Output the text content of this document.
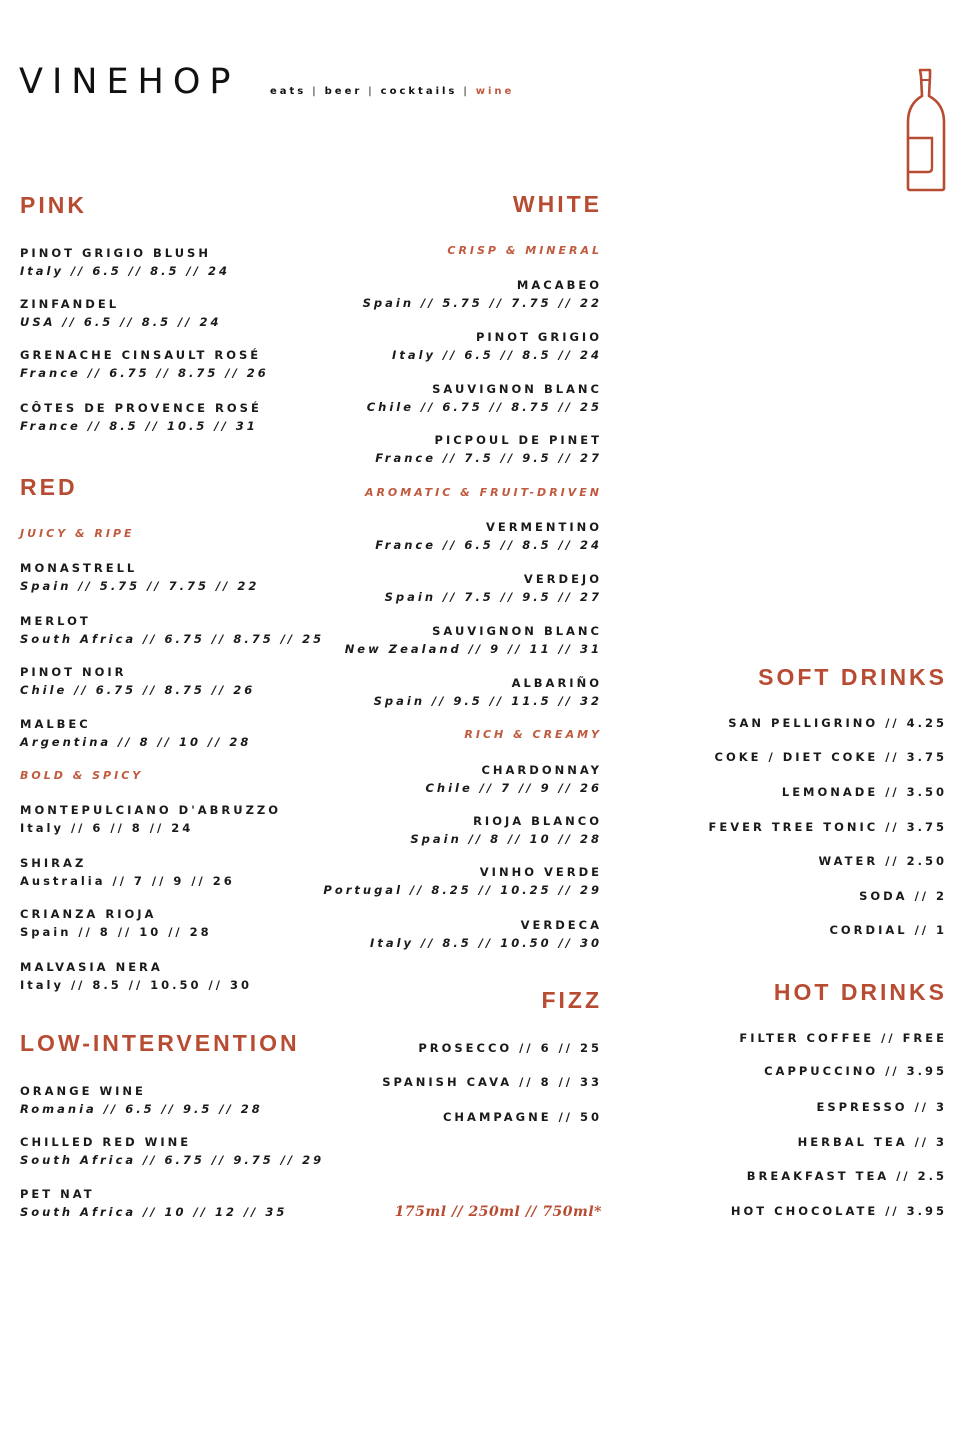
VINEHOP	eats | beer | cocktails | wine
PINK
PINOT GRIGIO BLUSH
Italy // 6.5 // 8.5 // 24
ZINFANDEL
USA // 6.5 // 8.5 // 24
GRENACHE CINSAULT ROSÉ
France // 6.75 // 8.75 // 26
CÔTES DE PROVENCE ROSÉ
France // 8.5 // 10.5 // 31
RED
JUICY & RIPE
MONASTRELL
Spain // 5.75 // 7.75 // 22
MERLOT
South Africa // 6.75 // 8.75 // 25
PINOT NOIR
Chile // 6.75 // 8.75 // 26
MALBEC
Argentina // 8 // 10 // 28
BOLD & SPICY
MONTEPULCIANO D'ABRUZZO
Italy // 6 // 8 // 24
SHIRAZ
Australia // 7 // 9 // 26
CRIANZA RIOJA
Spain // 8 // 10 // 28
MALVASIA NERA
Italy // 8.5 // 10.50 // 30
LOW-INTERVENTION
ORANGE WINE
Romania // 6.5 // 9.5 // 28
CHILLED RED WINE
South Africa // 6.75 // 9.75 // 29
PET NAT
South Africa // 10 // 12 // 35
WHITE
CRISP & MINERAL
MACABEO
Spain // 5.75 // 7.75 // 22
PINOT GRIGIO
Italy // 6.5 // 8.5 // 24
SAUVIGNON BLANC
Chile // 6.75 // 8.75 // 25
PICPOUL DE PINET
France // 7.5 // 9.5 // 27
AROMATIC & FRUIT-DRIVEN
VERMENTINO
France // 6.5 // 8.5 // 24
VERDEJO
Spain // 7.5 // 9.5 // 27
SAUVIGNON BLANC
New Zealand // 9 // 11 // 31
ALBARIÑO
Spain // 9.5 // 11.5 // 32
RICH & CREAMY
CHARDONNAY
Chile // 7 // 9 // 26
RIOJA BLANCO
Spain // 8 // 10 // 28
VINHO VERDE
Portugal // 8.25 // 10.25 // 29
VERDECA
Italy // 8.5 // 10.50 // 30
FIZZ
PROSECCO // 6 // 25
SPANISH CAVA // 8 // 33
CHAMPAGNE // 50
175ml // 250ml // 750ml*
SOFT DRINKS
SAN PELLIGRINO // 4.25
COKE / DIET COKE // 3.75
LEMONADE // 3.50
FEVER TREE TONIC // 3.75
WATER // 2.50
SODA // 2
CORDIAL // 1
HOT DRINKS
FILTER COFFEE // FREE
CAPPUCCINO // 3.95
ESPRESSO // 3
HERBAL TEA // 3
BREAKFAST TEA // 2.5
HOT CHOCOLATE // 3.95
